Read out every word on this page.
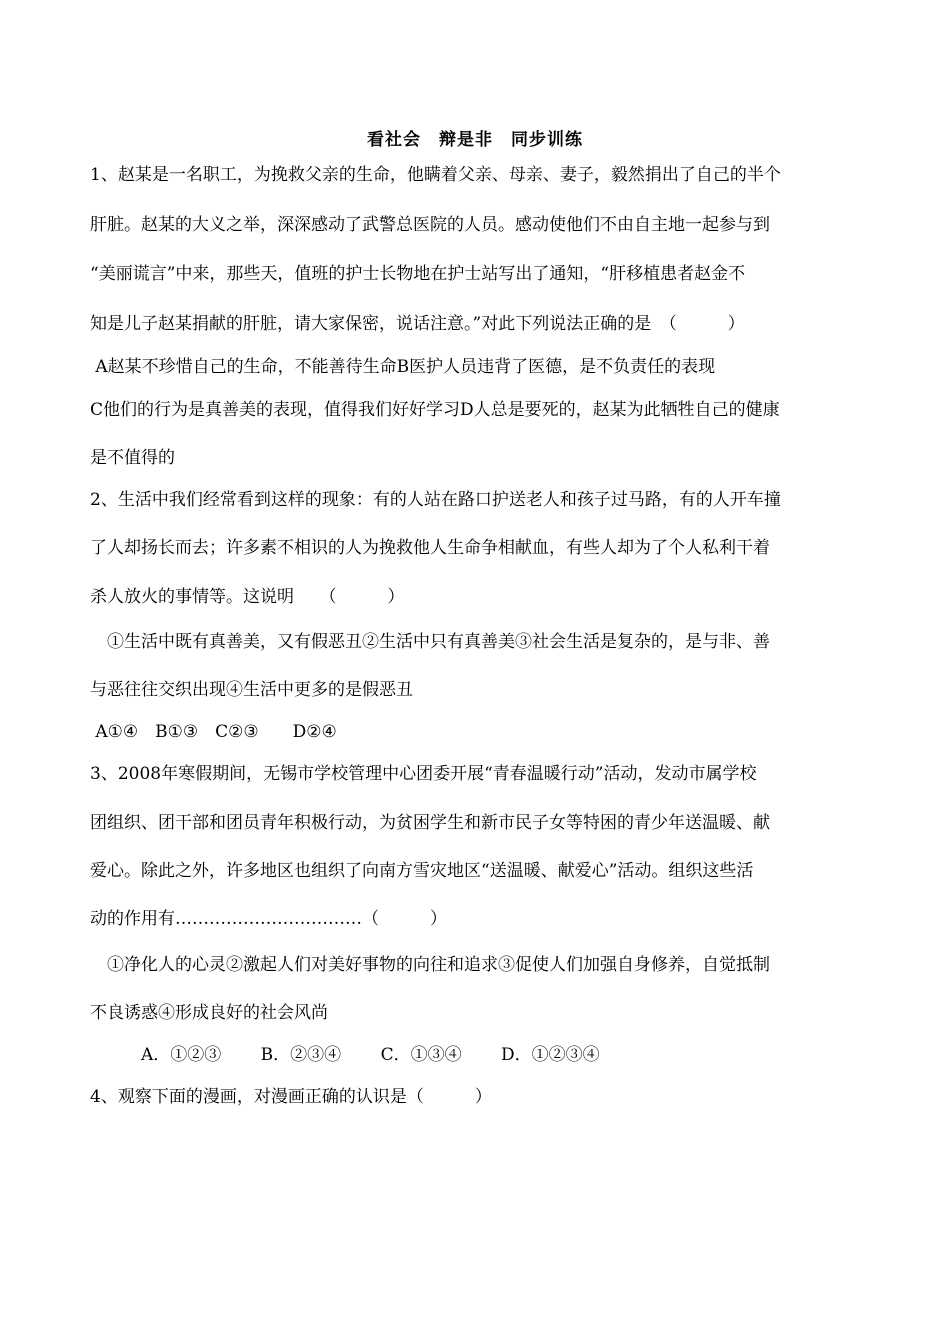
看社会　辩是非　同步训练
1、赵某是一名职工，为挽救父亲的生命，他瞒着父亲、母亲、妻子，毅然捐出了自己的半个
肝脏。赵某的大义之举，深深感动了武警总医院的人员。感动使他们不由自主地一起参与到
“美丽谎言”中来，那些天，值班的护士长物地在护士站写出了通知，“肝移植患者赵金不
知是儿子赵某捐献的肝脏，请大家保密，说话注意。”对此下列说法正确的是　（　　　）
A赵某不珍惜自己的生命，不能善待生命B医护人员违背了医德，是不负责任的表现
C他们的行为是真善美的表现，值得我们好好学习D人总是要死的，赵某为此牺牲自己的健康
是不值得的
2、生活中我们经常看到这样的现象：有的人站在路口护送老人和孩子过马路，有的人开车撞
了人却扬长而去；许多素不相识的人为挽救他人生命争相献血，有些人却为了个人私利干着
杀人放火的事情等。这说明　　（　　　）
　①生活中既有真善美，又有假恶丑②生活中只有真善美③社会生活是复杂的，是与非、善
与恶往往交织出现④生活中更多的是假恶丑
A①④　B①③　C②③　　D②④
3、2008年寒假期间，无锡市学校管理中心团委开展“青春温暖行动”活动，发动市属学校
团组织、团干部和团员青年积极行动，为贫困学生和新市民子女等特困的青少年送温暖、献
爱心。除此之外，许多地区也组织了向南方雪灾地区“送温暖、献爱心”活动。组织这些活
动的作用有……………………………（　　　）
　①净化人的心灵②激起人们对美好事物的向往和追求③促使人们加强自身修养，自觉抵制
不良诱惑④形成良好的社会风尚
　　　A．①②③　　 B．②③④　　 C．①③④　　 D．①②③④
4、观察下面的漫画，对漫画正确的认识是（　　　）
